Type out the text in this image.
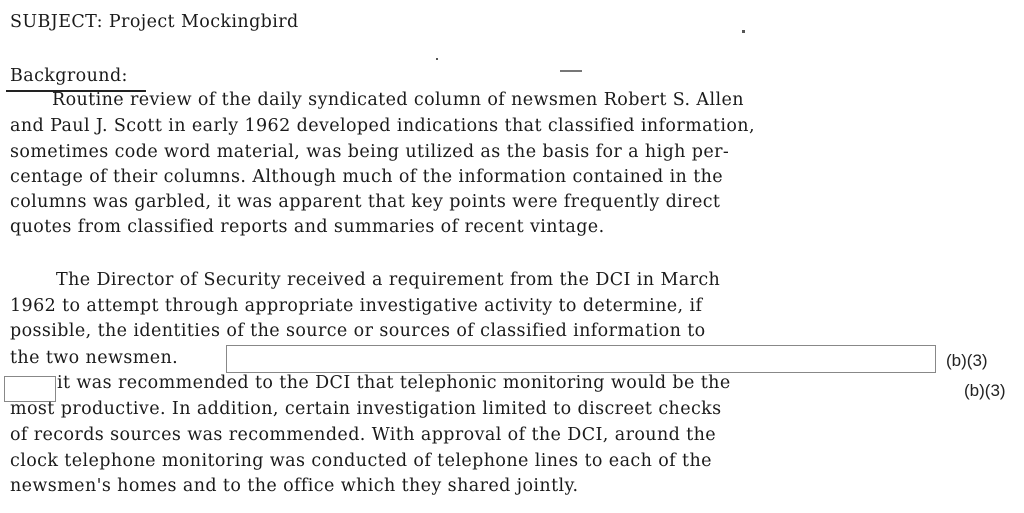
SUBJECT: Project Mockingbird
Background:
Routine review of the daily syndicated column of newsmen Robert S. Allen
and Paul J. Scott in early 1962 developed indications that classified information,
sometimes code word material, was being utilized as the basis for a high per-
centage of their columns. Although much of the information contained in the
columns was garbled, it was apparent that key points were frequently direct
quotes from classified reports and summaries of recent vintage.
The Director of Security received a requirement from the DCI in March
1962 to attempt through appropriate investigative activity to determine, if
possible, the identities of the source or sources of classified information to
the two newsmen.	(b)(3)
it was recommended to the DCI that telephonic monitoring would be the	(b)(3)
most productive. In addition, certain investigation limited to discreet checks
of records sources was recommended. With approval of the DCI, around the
clock telephone monitoring was conducted of telephone lines to each of the
newsmen's homes and to the office which they shared jointly.
